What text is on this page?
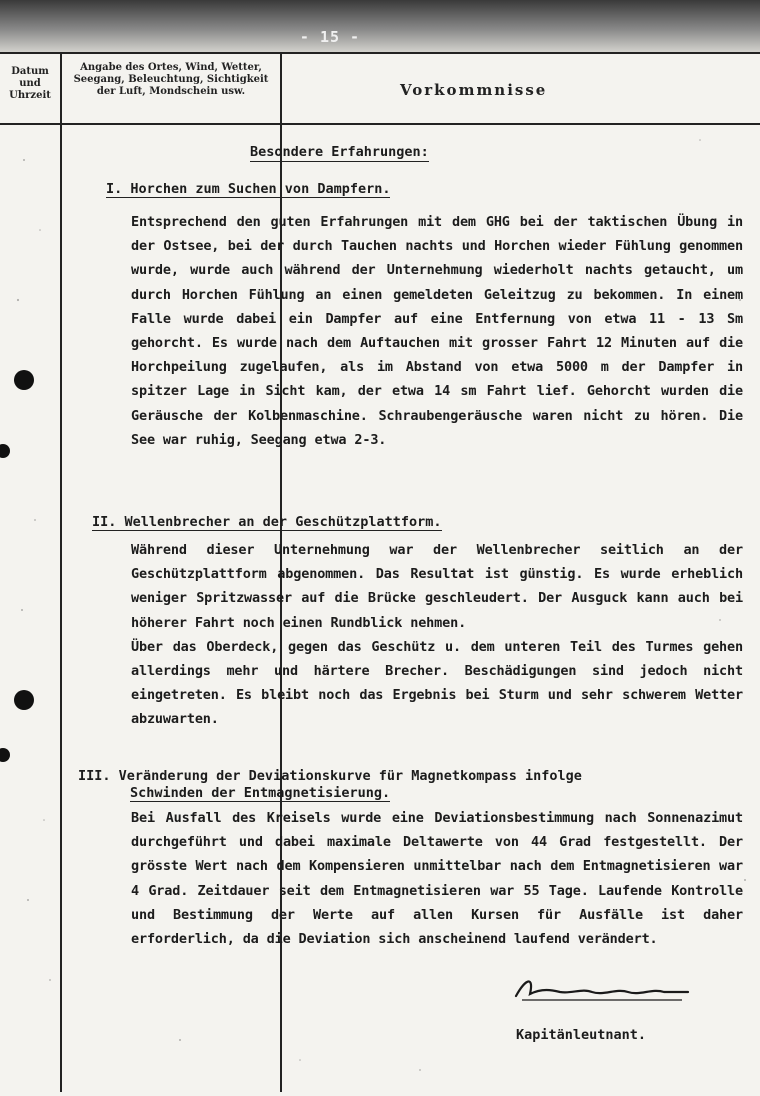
- 15 -
Datum
und
Uhrzeit
Angabe des Ortes, Wind, Wetter,
Seegang, Beleuchtung, Sichtigkeit
der Luft, Mondschein usw.	Vorkommnisse
Besondere Erfahrungen:
I. Horchen zum Suchen von Dampfern.

Entsprechend den guten Erfahrungen mit dem GHG bei der taktischen Übung in der Ostsee, bei der durch Tauchen nachts und Horchen wieder Fühlung genommen wurde, wurde auch während der Unternehmung wiederholt nachts getaucht, um durch Horchen Fühlung an einen gemeldeten Geleitzug zu bekommen. In einem Falle wurde dabei ein Dampfer auf eine Entfernung von etwa 11 - 13 Sm gehorcht. Es wurde nach dem Auftauchen mit grosser Fahrt 12 Minuten auf die Horchpeilung zugelaufen, als im Abstand von etwa 5000 m der Dampfer in spitzer Lage in Sicht kam, der etwa 14 sm Fahrt lief. Gehorcht wurden die Geräusche der Kolbenmaschine. Schraubengeräusche waren nicht zu hören. Die See war ruhig, Seegang etwa 2-3.

II. Wellenbrecher an der Geschützplattform.

Während dieser Unternehmung war der Wellenbrecher seitlich an der Geschützplattform abgenommen. Das Resultat ist günstig. Es wurde erheblich weniger Spritzwasser auf die Brücke geschleudert. Der Ausguck kann auch bei höherer Fahrt noch einen Rundblick nehmen.

Über das Oberdeck, gegen das Geschütz u. dem unteren Teil des Turmes gehen allerdings mehr und härtere Brecher. Beschädigungen sind jedoch nicht eingetreten. Es bleibt noch das Ergebnis bei Sturm und sehr schwerem Wetter abzuwarten.

III. Veränderung der Deviationskurve für Magnetkompass infolge
Schwinden der Entmagnetisierung.

Bei Ausfall des Kreisels wurde eine Deviationsbestimmung nach Sonnenazimut durchgeführt und dabei maximale Deltawerte von 44 Grad festgestellt. Der grösste Wert nach dem Kompensieren unmittelbar nach dem Entmagnetisieren war 4 Grad. Zeitdauer seit dem Entmagnetisieren war 55 Tage. Laufende Kontrolle und Bestimmung der Werte auf allen Kursen für Ausfälle ist daher erforderlich, da die Deviation sich anscheinend laufend verändert.

Kapitänleutnant.
